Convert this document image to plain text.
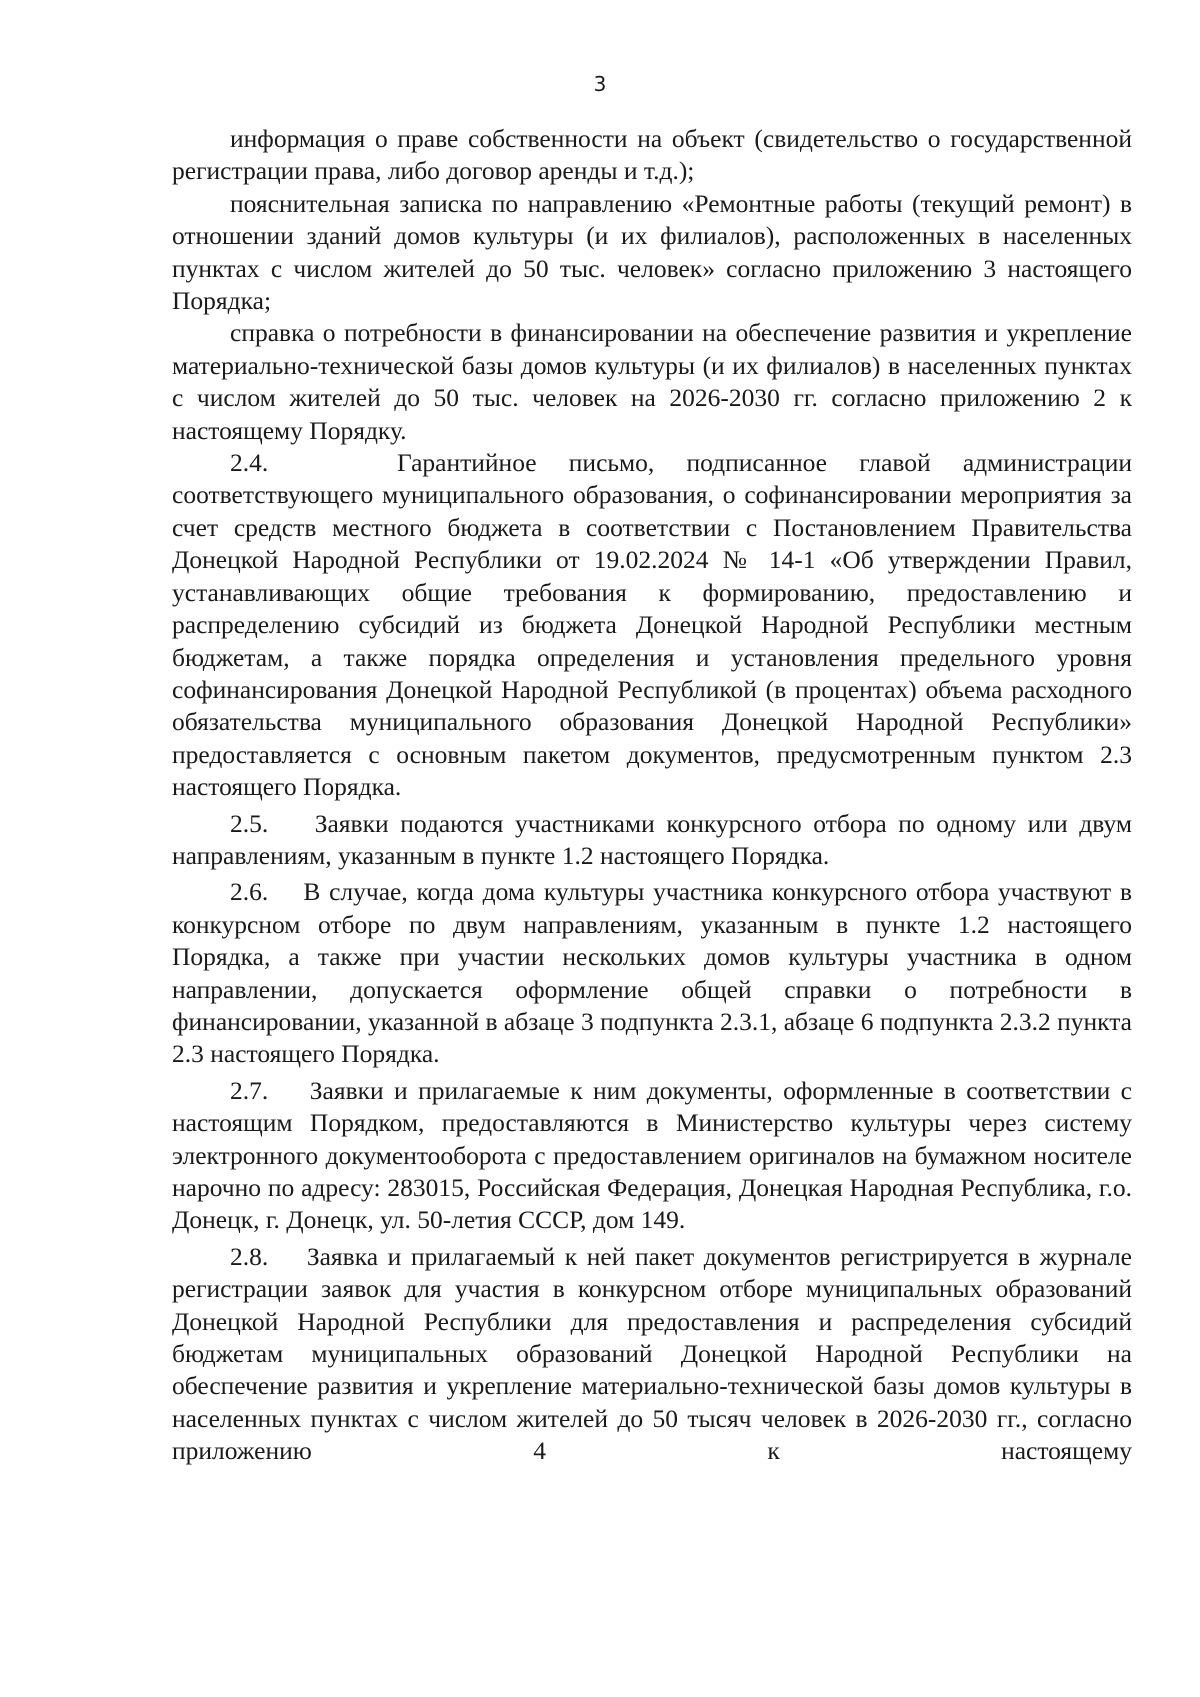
3

информация о праве собственности на объект (свидетельство о государственной регистрации права, либо договор аренды и т.д.);

пояснительная записка по направлению «Ремонтные работы (текущий ремонт) в отношении зданий домов культуры (и их филиалов), расположенных в населенных пунктах с числом жителей до 50 тыс. человек» согласно приложению 3 настоящего Порядка;

справка о потребности в финансировании на обеспечение развития и укрепление материально-технической базы домов культуры (и их филиалов) в населенных пунктах с числом жителей до 50 тыс. человек на 2026-2030 гг. согласно приложению 2 к настоящему Порядку.

2.4.    Гарантийное письмо, подписанное главой администрации соответствующего муниципального образования, о софинансировании мероприятия за счет средств местного бюджета в соответствии с Постановлением Правительства Донецкой Народной Республики от 19.02.2024 № 14-1 «Об утверждении Правил, устанавливающих общие требования к формированию, предоставлению и распределению субсидий из бюджета Донецкой Народной Республики местным бюджетам, а также порядка определения и установления предельного уровня софинансирования Донецкой Народной Республикой (в процентах) объема расходного обязательства муниципального образования Донецкой Народной Республики» предоставляется с основным пакетом документов, предусмотренным пунктом 2.3 настоящего Порядка.

2.5.    Заявки подаются участниками конкурсного отбора по одному или двум направлениям, указанным в пункте 1.2 настоящего Порядка.

2.6.    В случае, когда дома культуры участника конкурсного отбора участвуют в конкурсном отборе по двум направлениям, указанным в пункте 1.2 настоящего Порядка, а также при участии нескольких домов культуры участника в одном направлении, допускается оформление общей справки о потребности в финансировании, указанной в абзаце 3 подпункта 2.3.1, абзаце 6 подпункта 2.3.2 пункта 2.3 настоящего Порядка.

2.7.    Заявки и прилагаемые к ним документы, оформленные в соответствии с настоящим Порядком, предоставляются в Министерство культуры через систему электронного документооборота с предоставлением оригиналов на бумажном носителе нарочно по адресу: 283015, Российская Федерация, Донецкая Народная Республика, г.о. Донецк, г. Донецк, ул. 50-летия СССР, дом 149.

2.8.    Заявка и прилагаемый к ней пакет документов регистрируется в журнале регистрации заявок для участия в конкурсном отборе муниципальных образований Донецкой Народной Республики для предоставления и распределения субсидий бюджетам муниципальных образований Донецкой Народной Республики на обеспечение развития и укрепление материально-технической базы домов культуры в населенных пунктах с числом жителей до 50 тысяч человек в 2026-2030 гг., согласно приложению 4 к настоящему
